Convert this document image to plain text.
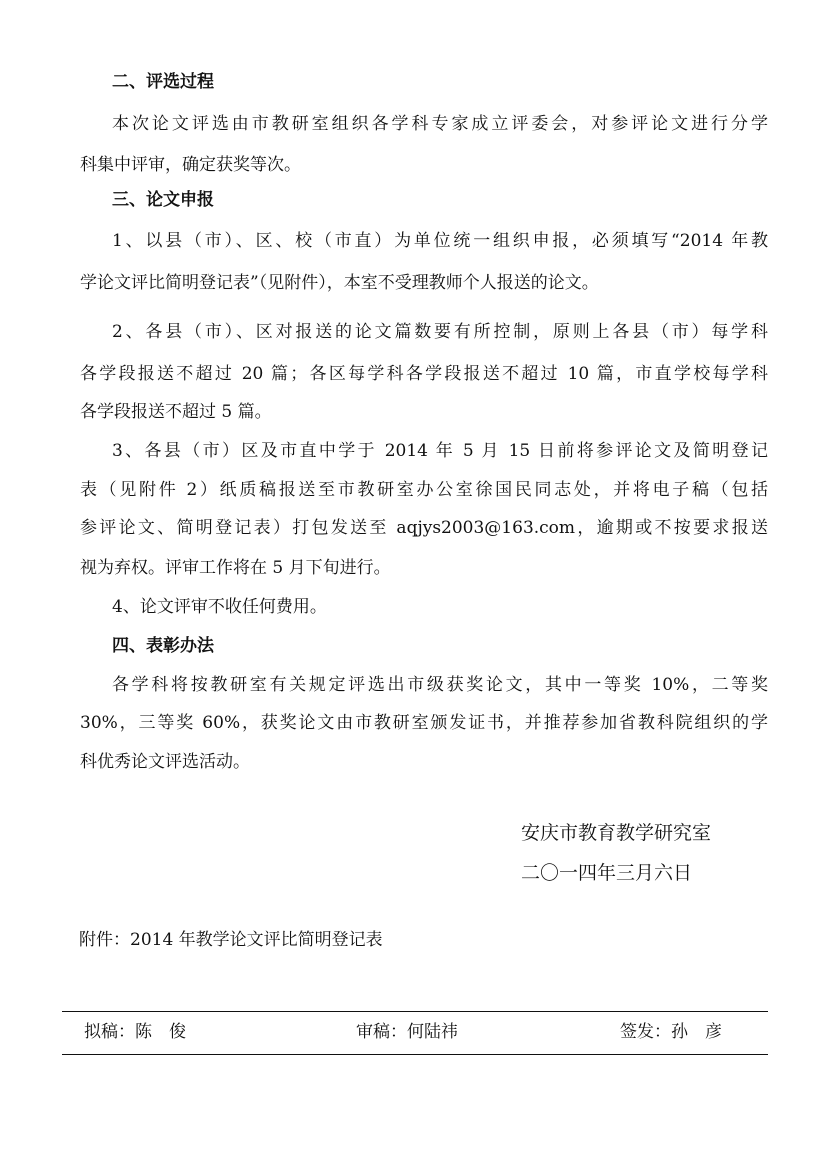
二、评选过程
本次论文评选由市教研室组织各学科专家成立评委会，对参评论文进行分学
科集中评审，确定获奖等次。
三、论文申报
1、以县（市）、区、校（市直）为单位统一组织申报，必须填写“2014 年教
学论文评比简明登记表”（见附件），本室不受理教师个人报送的论文。
2、各县（市）、区对报送的论文篇数要有所控制，原则上各县（市）每学科
各学段报送不超过 20 篇；各区每学科各学段报送不超过 10 篇，市直学校每学科
各学段报送不超过 5 篇。
3、各县（市）区及市直中学于 2014 年 5 月 15 日前将参评论文及简明登记
表（见附件 2）纸质稿报送至市教研室办公室徐国民同志处，并将电子稿（包括
参评论文、简明登记表）打包发送至 aqjys2003@163.com，逾期或不按要求报送
视为弃权。评审工作将在 5 月下旬进行。
4、论文评审不收任何费用。
四、表彰办法
各学科将按教研室有关规定评选出市级获奖论文，其中一等奖 10%，二等奖
30%，三等奖 60%，获奖论文由市教研室颁发证书，并推荐参加省教科院组织的学
科优秀论文评选活动。
安庆市教育教学研究室
二〇一四年三月六日
附件：2014 年教学论文评比简明登记表
拟稿：陈　俊	审稿：何陆祎	签发：孙　彦
